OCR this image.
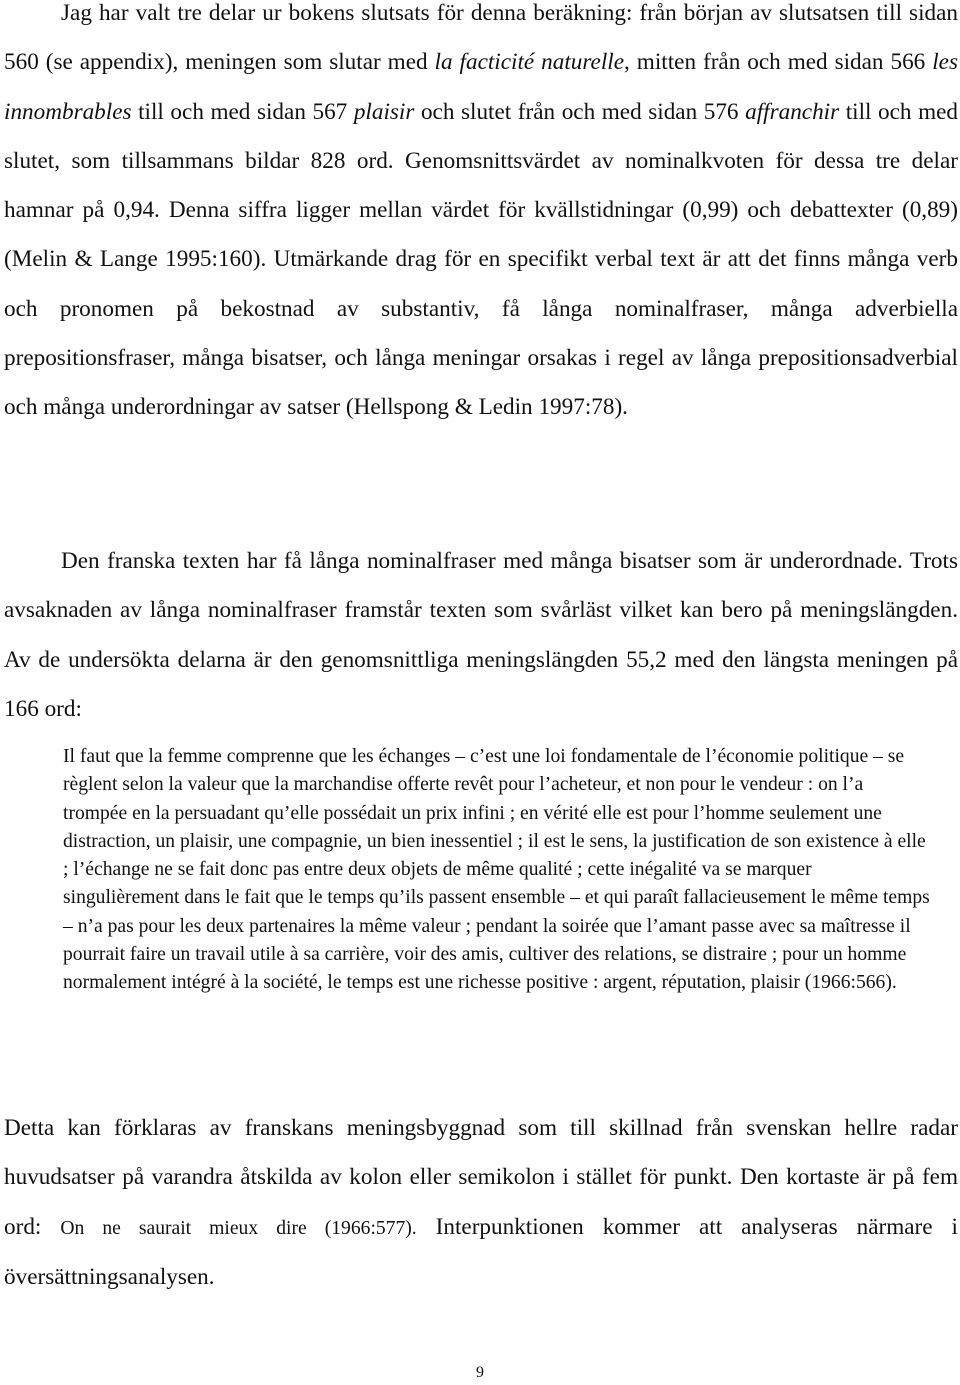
Jag har valt tre delar ur bokens slutsats för denna beräkning: från början av slutsatsen till sidan 560 (se appendix), meningen som slutar med la facticité naturelle, mitten från och med sidan 566 les innombrables till och med sidan 567 plaisir och slutet från och med sidan 576 affranchir till och med slutet, som tillsammans bildar 828 ord. Genomsnittsvärdet av nominalkvoten för dessa tre delar hamnar på 0,94. Denna siffra ligger mellan värdet för kvällstidningar (0,99) och debattexter (0,89) (Melin & Lange 1995:160). Utmärkande drag för en specifikt verbal text är att det finns många verb och pronomen på bekostnad av substantiv, få långa nominalfraser, många adverbiella prepositionsfraser, många bisatser, och långa meningar orsakas i regel av långa prepositionsadverbial och många underordningar av satser (Hellspong & Ledin 1997:78).

Den franska texten har få långa nominalfraser med många bisatser som är underordnade. Trots avsaknaden av långa nominalfraser framstår texten som svårläst vilket kan bero på meningslängden. Av de undersökta delarna är den genomsnittliga meningslängden 55,2 med den längsta meningen på 166 ord:

Il faut que la femme comprenne que les échanges – c’est une loi fondamentale de l’économie politique – se règlent selon la valeur que la marchandise offerte revêt pour l’acheteur, et non pour le vendeur : on l’a trompée en la persuadant qu’elle possédait un prix infini ; en vérité elle est pour l’homme seulement une distraction, un plaisir, une compagnie, un bien inessentiel ; il est le sens, la justification de son existence à elle ; l’échange ne se fait donc pas entre deux objets de même qualité ; cette inégalité va se marquer singulièrement dans le fait que le temps qu’ils passent ensemble – et qui paraît fallacieusement le même temps – n’a pas pour les deux partenaires la même valeur ; pendant la soirée que l’amant passe avec sa maîtresse il pourrait faire un travail utile à sa carrière, voir des amis, cultiver des relations, se distraire ; pour un homme normalement intégré à la société, le temps est une richesse positive : argent, réputation, plaisir (1966:566).

Detta kan förklaras av franskans meningsbyggnad som till skillnad från svenskan hellre radar huvudsatser på varandra åtskilda av kolon eller semikolon i stället för punkt. Den kortaste är på fem ord: On ne saurait mieux dire (1966:577). Interpunktionen kommer att analyseras närmare i översättningsanalysen.

9
